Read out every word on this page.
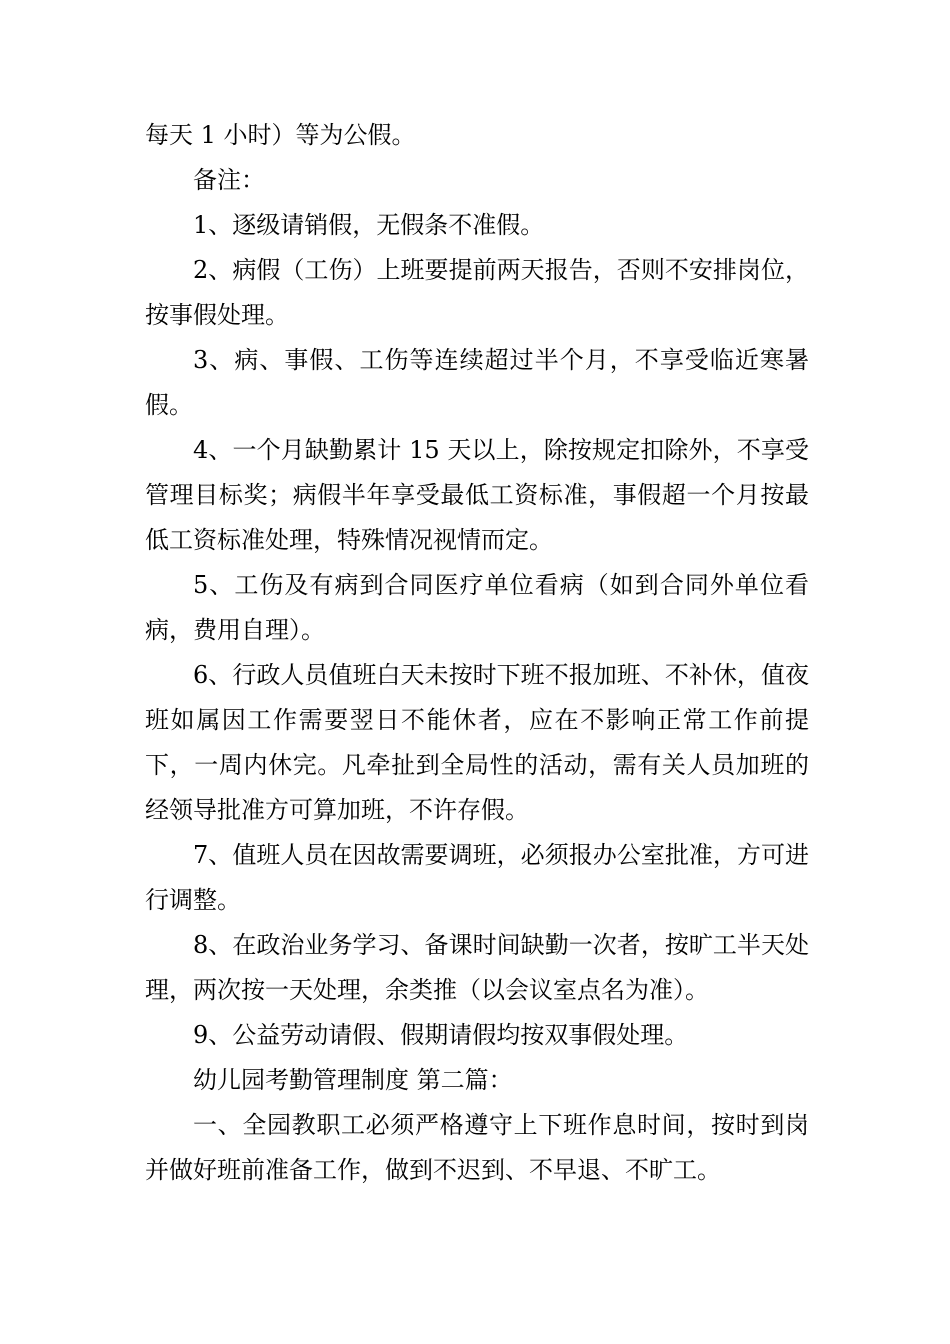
每天 1 小时）等为公假。

备注：

1、逐级请销假，无假条不准假。

2、病假（工伤）上班要提前两天报告，否则不安排岗位，按事假处理。

3、病、事假、工伤等连续超过半个月，不享受临近寒暑假。

4、一个月缺勤累计 15 天以上，除按规定扣除外，不享受管理目标奖；病假半年享受最低工资标准，事假超一个月按最低工资标准处理，特殊情况视情而定。

5、工伤及有病到合同医疗单位看病（如到合同外单位看病，费用自理）。

6、行政人员值班白天未按时下班不报加班、不补休，值夜班如属因工作需要翌日不能休者，应在不影响正常工作前提下，一周内休完。凡牵扯到全局性的活动，需有关人员加班的经领导批准方可算加班，不许存假。

7、值班人员在因故需要调班，必须报办公室批准，方可进行调整。

8、在政治业务学习、备课时间缺勤一次者，按旷工半天处理，两次按一天处理，余类推（以会议室点名为准）。

9、公益劳动请假、假期请假均按双事假处理。

幼儿园考勤管理制度 第二篇：

一、全园教职工必须严格遵守上下班作息时间，按时到岗并做好班前准备工作，做到不迟到、不早退、不旷工。
